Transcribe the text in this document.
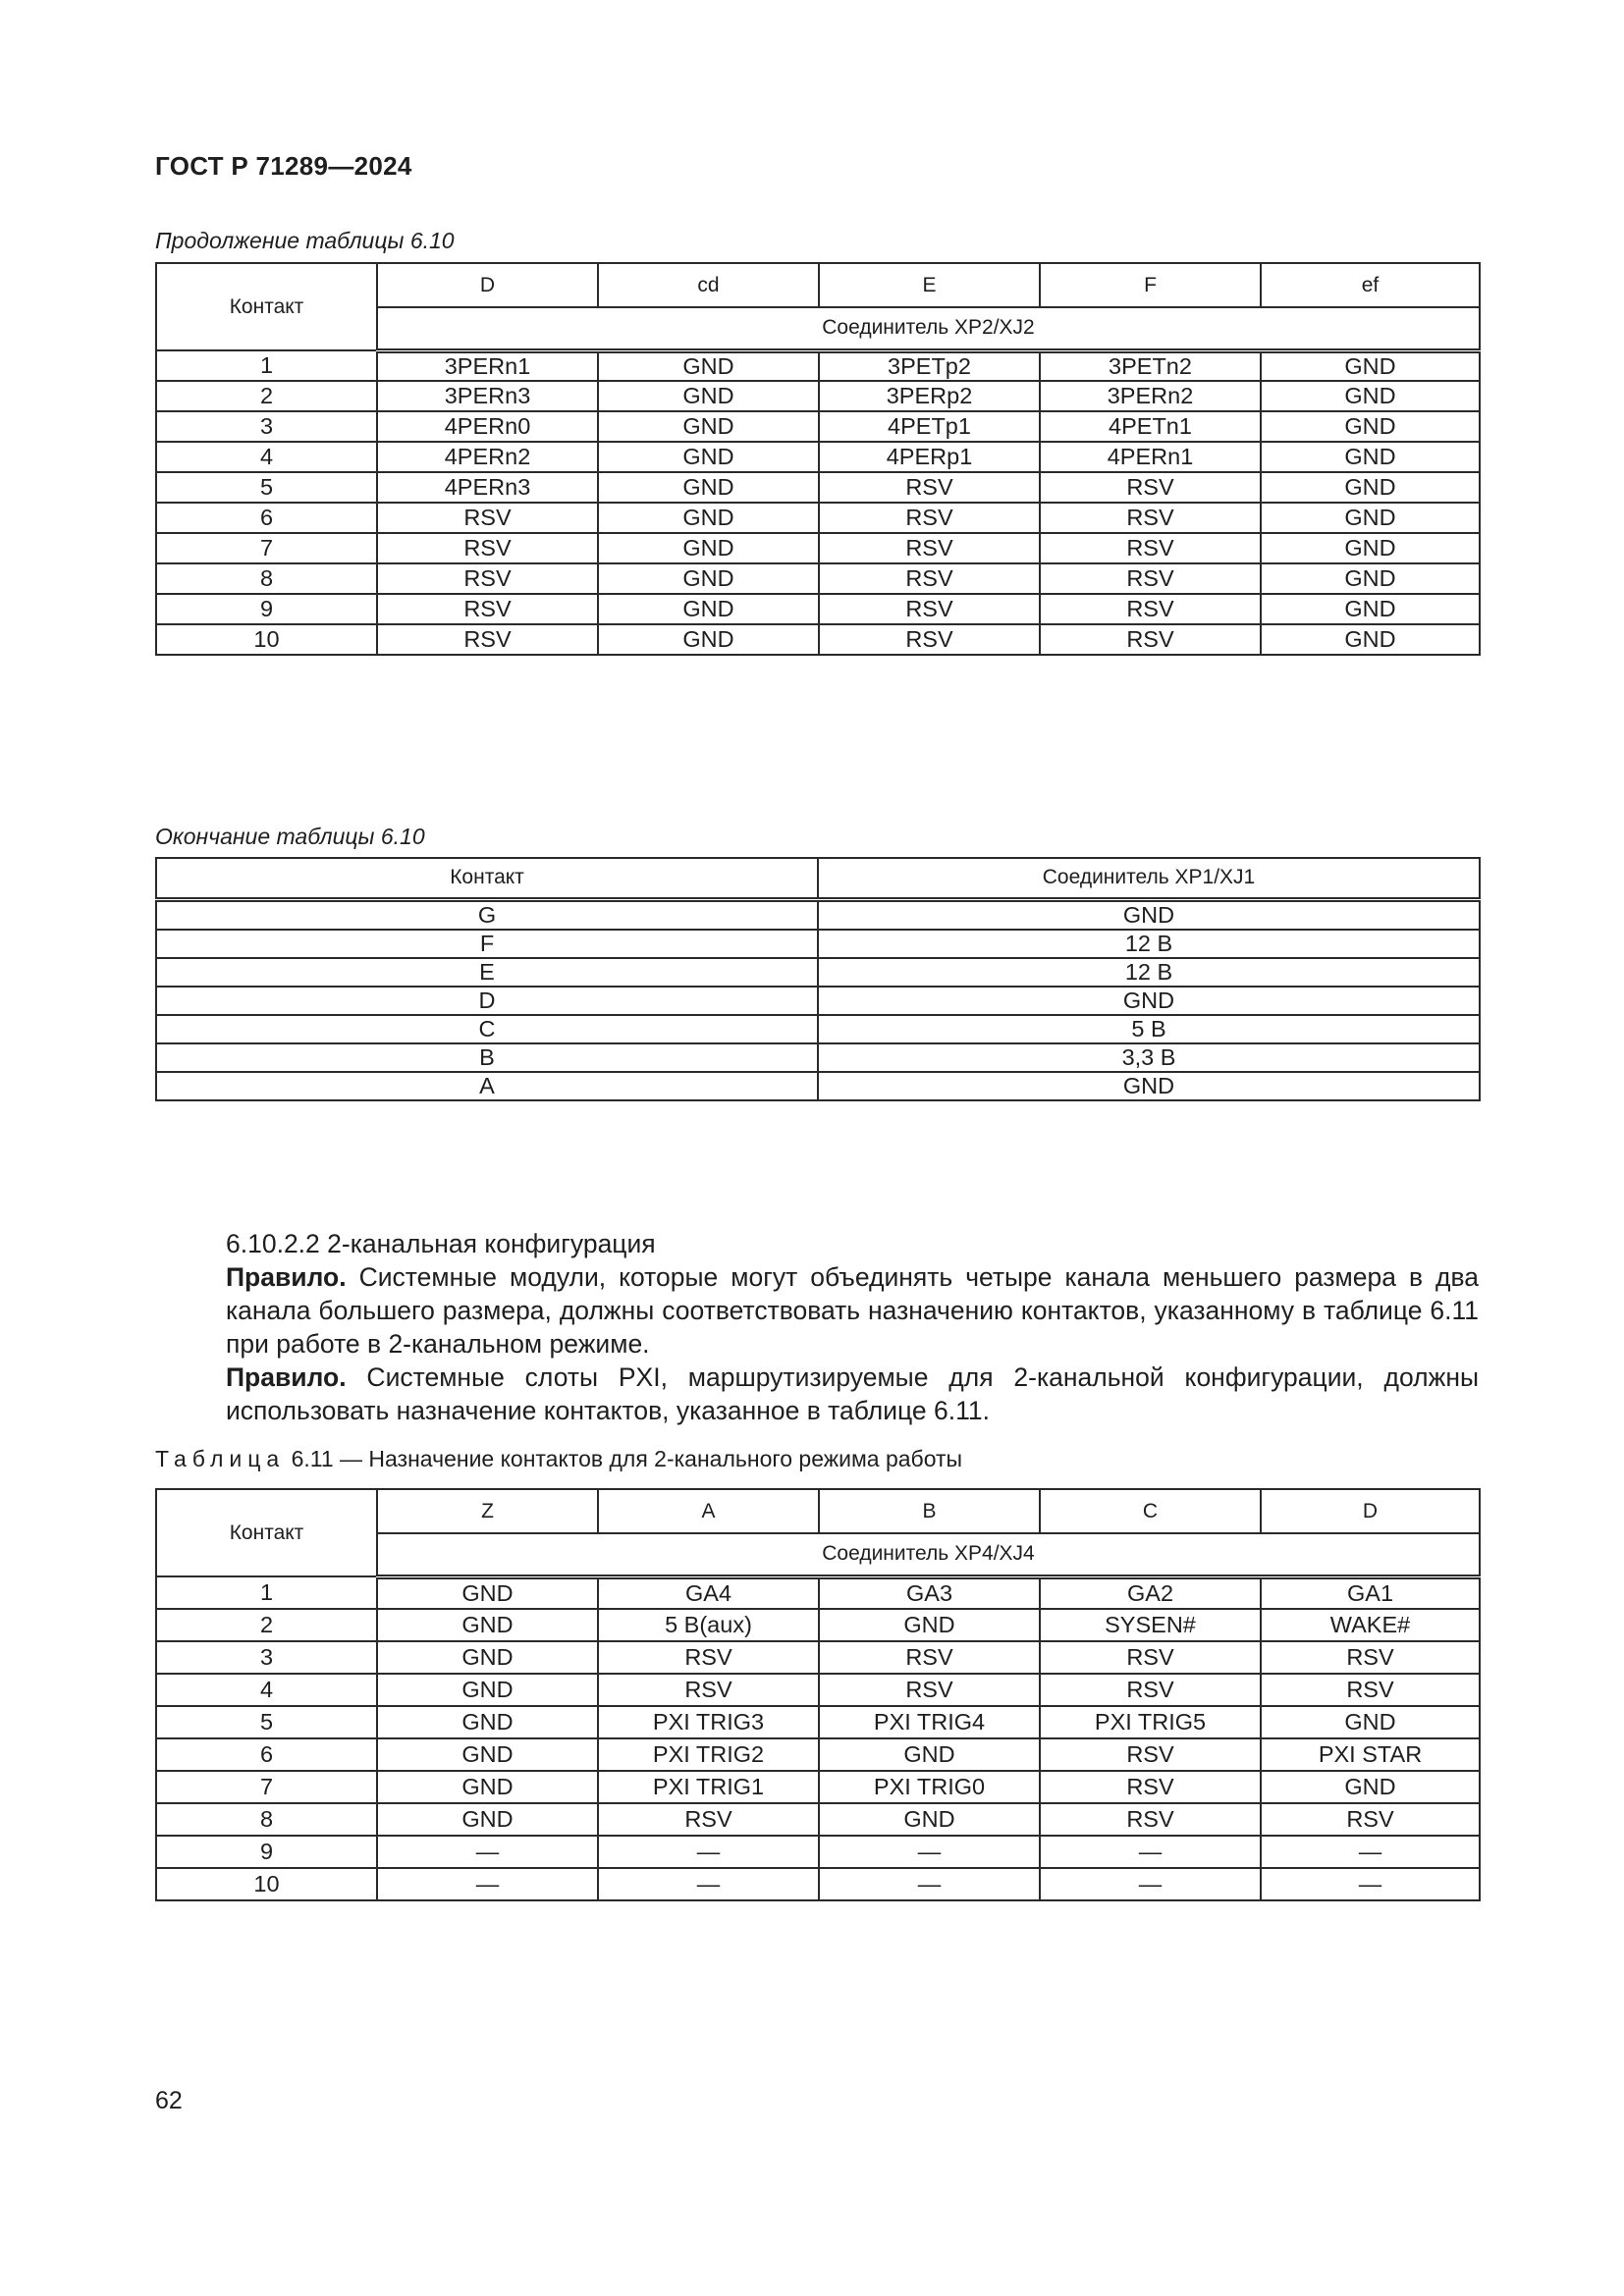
ГОСТ Р 71289—2024
Продолжение таблицы 6.10
Контакт	D	cd	E	F	ef
	Соединитель XP2/XJ2				
1	3PERn1	GND	3PETp2	3PETn2	GND
2	3PERn3	GND	3PERp2	3PERn2	GND
3	4PERn0	GND	4PETp1	4PETn1	GND
4	4PERn2	GND	4PERp1	4PERn1	GND
5	4PERn3	GND	RSV	RSV	GND
6	RSV	GND	RSV	RSV	GND
7	RSV	GND	RSV	RSV	GND
8	RSV	GND	RSV	RSV	GND
9	RSV	GND	RSV	RSV	GND
10	RSV	GND	RSV	RSV	GND
Окончание таблицы 6.10
Контакт	Соединитель XP1/XJ1
G	GND
F	12 В
E	12 В
D	GND
C	5 В
B	3,3 В
A	GND
6.10.2.2 2-канальная конфигурация
Правило. Системные модули, которые могут объединять четыре канала меньшего размера в два канала большего размера, должны соответствовать назначению контактов, указанному в таблице 6.11 при работе в 2-канальном режиме.
Правило. Системные слоты PXI, маршрутизируемые для 2-канальной конфигурации, должны использовать назначение контактов, указанное в таблице 6.11.
Таблица 6.11 — Назначение контактов для 2-канального режима работы
Контакт	Z	A	B	C	D
	Соединитель XP4/XJ4				
1	GND	GA4	GA3	GA2	GA1
2	GND	5 В(aux)	GND	SYSEN#	WAKE#
3	GND	RSV	RSV	RSV	RSV
4	GND	RSV	RSV	RSV	RSV
5	GND	PXI TRIG3	PXI TRIG4	PXI TRIG5	GND
6	GND	PXI TRIG2	GND	RSV	PXI STAR
7	GND	PXI TRIG1	PXI TRIG0	RSV	GND
8	GND	RSV	GND	RSV	RSV
9	—	—	—	—	—
10	—	—	—	—	—
62
